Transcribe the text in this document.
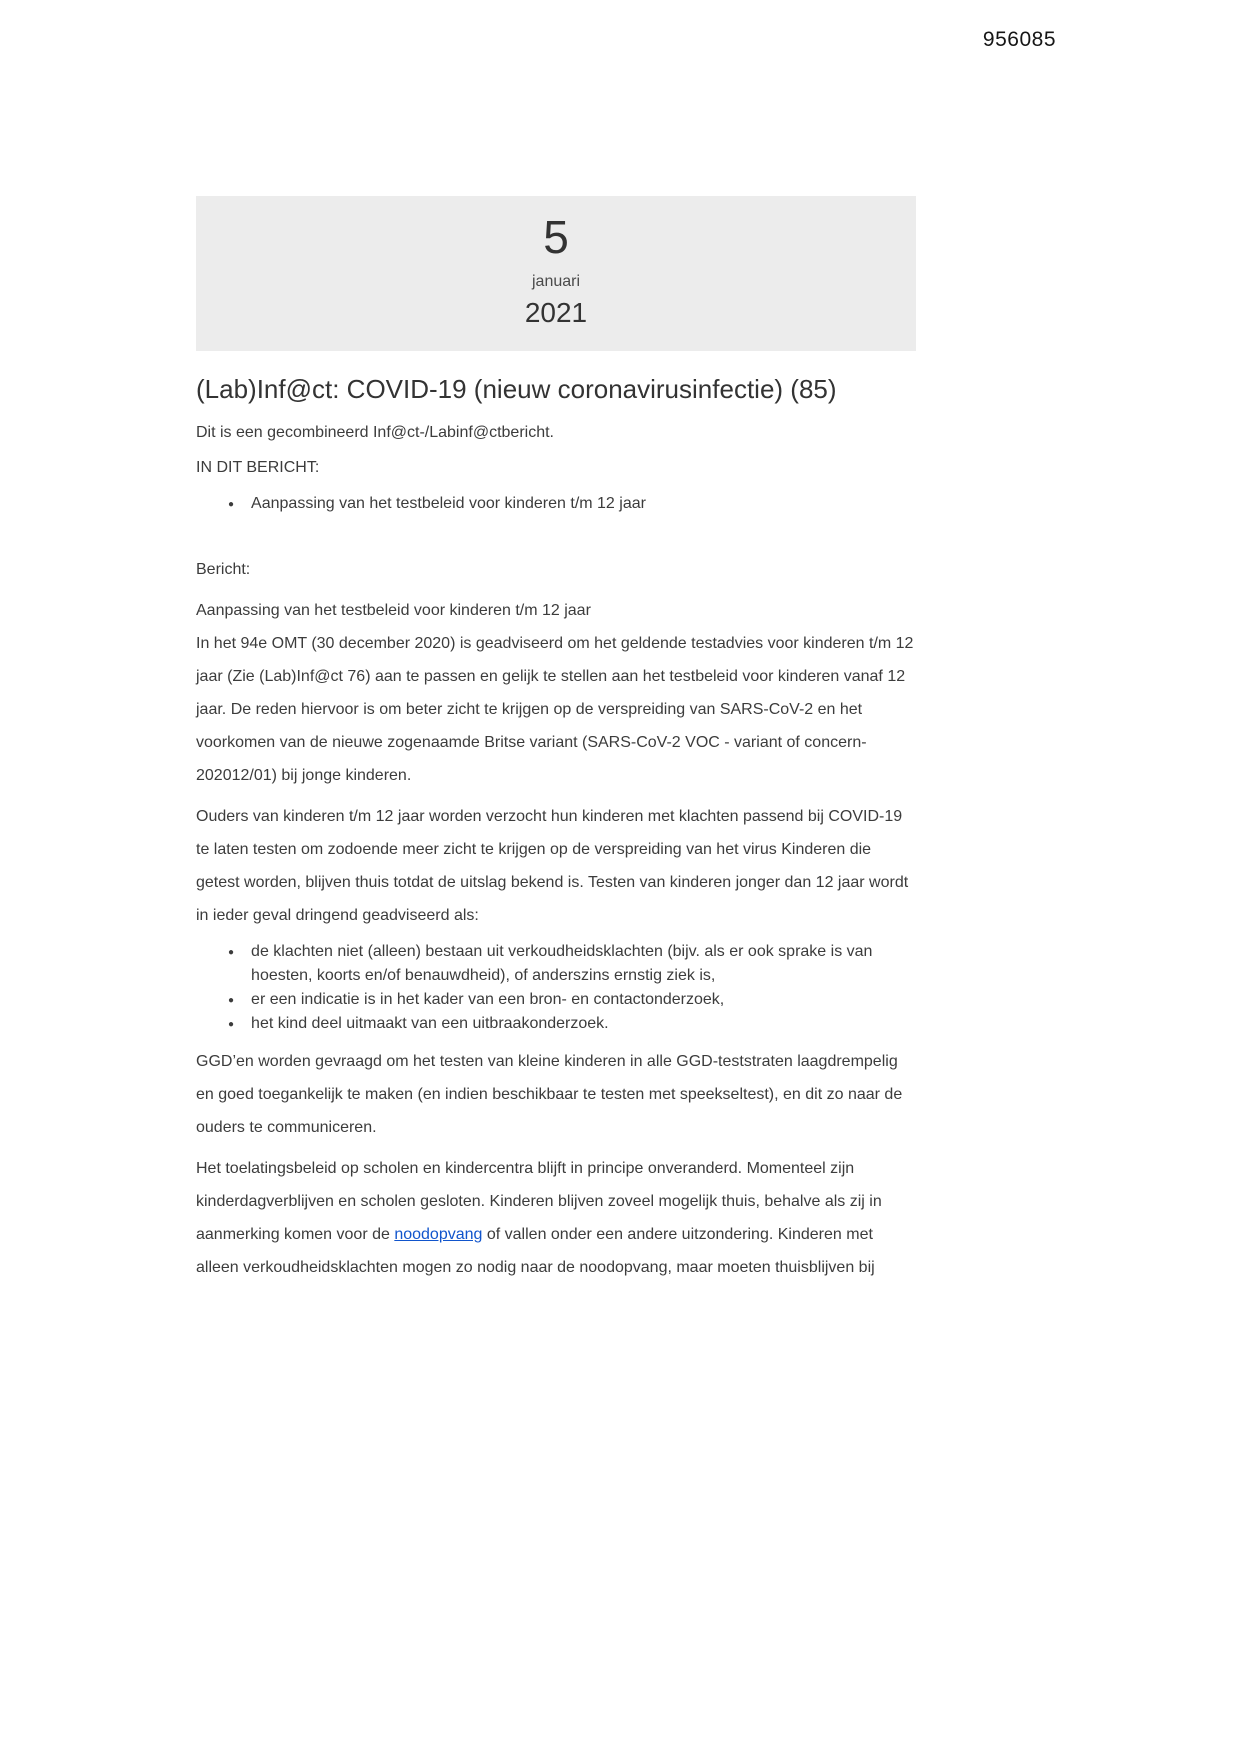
956085
5
januari
2021
(Lab)Inf@ct: COVID-19 (nieuw coronavirusinfectie) (85)

Dit is een gecombineerd Inf@ct-/Labinf@ctbericht.

IN DIT BERICHT:

● Aanpassing van het testbeleid voor kinderen t/m 12 jaar

Bericht:

Aanpassing van het testbeleid voor kinderen t/m 12 jaar

In het 94e OMT (30 december 2020) is geadviseerd om het geldende testadvies voor kinderen t/m 12 jaar (Zie (Lab)Inf@ct 76) aan te passen en gelijk te stellen aan het testbeleid voor kinderen vanaf 12 jaar. De reden hiervoor is om beter zicht te krijgen op de verspreiding van SARS-CoV-2 en het voorkomen van de nieuwe zogenaamde Britse variant (SARS-CoV-2 VOC - variant of concern- 202012/01) bij jonge kinderen.

Ouders van kinderen t/m 12 jaar worden verzocht hun kinderen met klachten passend bij COVID-19 te laten testen om zodoende meer zicht te krijgen op de verspreiding van het virus Kinderen die getest worden, blijven thuis totdat de uitslag bekend is. Testen van kinderen jonger dan 12 jaar wordt in ieder geval dringend geadviseerd als:

● de klachten niet (alleen) bestaan uit verkoudheidsklachten (bijv. als er ook sprake is van hoesten, koorts en/of benauwdheid), of anderszins ernstig ziek is,
● er een indicatie is in het kader van een bron- en contactonderzoek,
● het kind deel uitmaakt van een uitbraakonderzoek.

GGD’en worden gevraagd om het testen van kleine kinderen in alle GGD-teststraten laagdrempelig en goed toegankelijk te maken (en indien beschikbaar te testen met speekseltest), en dit zo naar de ouders te communiceren.

Het toelatingsbeleid op scholen en kindercentra blijft in principe onveranderd. Momenteel zijn kinderdagverblijven en scholen gesloten. Kinderen blijven zoveel mogelijk thuis, behalve als zij in aanmerking komen voor de noodopvang of vallen onder een andere uitzondering. Kinderen met alleen verkoudheidsklachten mogen zo nodig naar de noodopvang, maar moeten thuisblijven bij
